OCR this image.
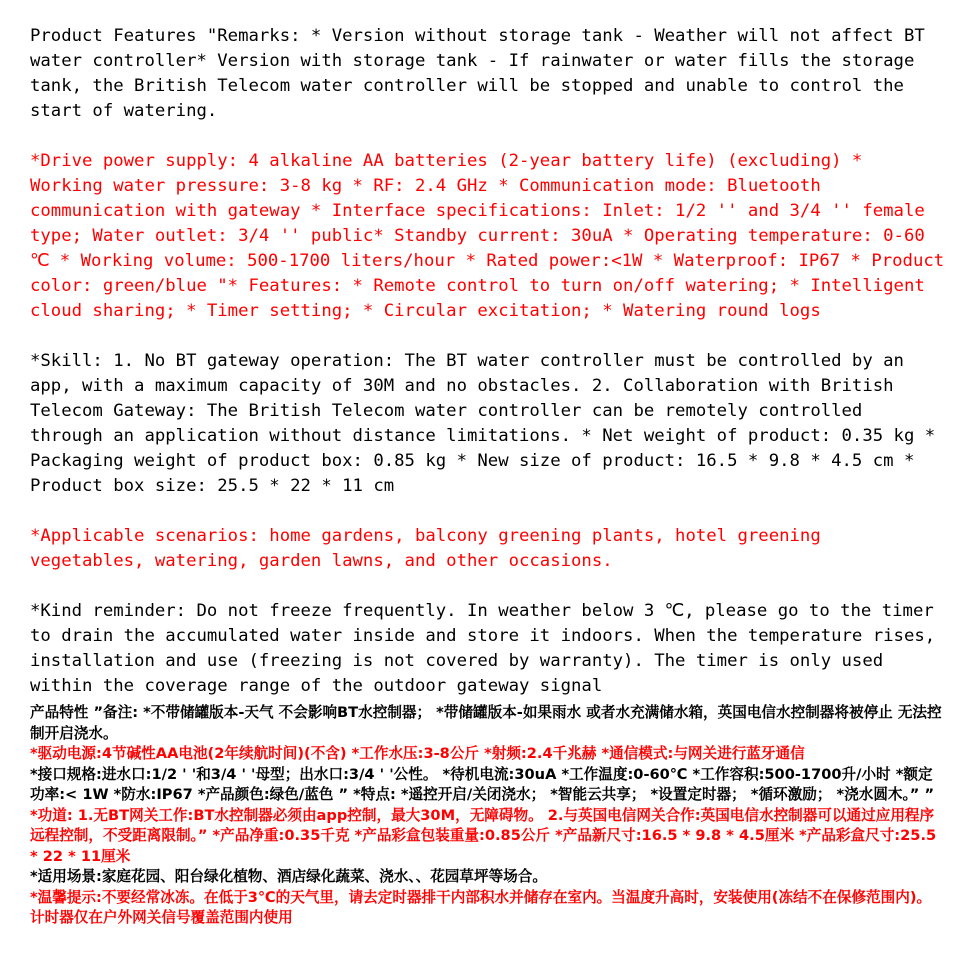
Product Features "Remarks: * Version without storage tank - Weather will not affect BT water controller* Version with storage tank - If rainwater or water fills the storage tank, the British Telecom water controller will be stopped and unable to control the start of watering.

*Drive power supply: 4 alkaline AA batteries (2-year battery life) (excluding) * Working water pressure: 3-8 kg * RF: 2.4 GHz * Communication mode: Bluetooth communication with gateway * Interface specifications: Inlet: 1/2 '' and 3/4 '' female type; Water outlet: 3/4 '' public* Standby current: 30uA * Operating temperature: 0-60 ℃ * Working volume: 500-1700 liters/hour * Rated power:<1W * Waterproof: IP67 * Product color: green/blue "* Features: * Remote control to turn on/off watering; * Intelligent cloud sharing; * Timer setting; * Circular excitation; * Watering round logs

*Skill: 1. No BT gateway operation: The BT water controller must be controlled by an app, with a maximum capacity of 30M and no obstacles. 2. Collaboration with British Telecom Gateway: The British Telecom water controller can be remotely controlled through an application without distance limitations. * Net weight of product: 0.35 kg * Packaging weight of product box: 0.85 kg * New size of product: 16.5 * 9.8 * 4.5 cm * Product box size: 25.5 * 22 * 11 cm

*Applicable scenarios: home gardens, balcony greening plants, hotel greening vegetables, watering, garden lawns, and other occasions.

*Kind reminder: Do not freeze frequently. In weather below 3 ℃, please go to the timer to drain the accumulated water inside and store it indoors. When the temperature rises, installation and use (freezing is not covered by warranty). The timer is only used within the coverage range of the outdoor gateway signal

产品特性 ”备注: *不带储罐版本-天气 不会影响BT水控制器； *带储罐版本-如果雨水 或者水充满储水箱，英国电信水控制器将被停止 无法控制开启浇水。

*驱动电源:4节碱性AA电池(2年续航时间)(不含) *工作水压:3-8公斤 *射频:2.4千兆赫 *通信模式:与网关进行蓝牙通信

*接口规格:进水口:1/2 ' '和3/4 ' '母型；出水口:3/4 ' '公性。 *待机电流:30uA *工作温度:0-60℃ *工作容积:500-1700升/小时 *额定功率:< 1W *防水:IP67 *产品颜色:绿色/蓝色 ” *特点: *遥控开启/关闭浇水； *智能云共享； *设置定时器； *循环激励； *浇水圆木。” ”

*功道: 1.无BT网关工作:BT水控制器必须由app控制，最大30M，无障碍物。 2.与英国电信网关合作:英国电信水控制器可以通过应用程序远程控制，不受距离限制。” *产品净重:0.35千克 *产品彩盒包装重量:0.85公斤 *产品新尺寸:16.5 * 9.8 * 4.5厘米 *产品彩盒尺寸:25.5 * 22 * 11厘米

*适用场景:家庭花园、阳台绿化植物、酒店绿化蔬菜、浇水、、花园草坪等场合。

*温馨提示:不要经常冰冻。在低于3℃的天气里，请去定时器排干内部积水并储存在室内。当温度升高时，安装使用(冻结不在保修范围内)。计时器仅在户外网关信号覆盖范围内使用
